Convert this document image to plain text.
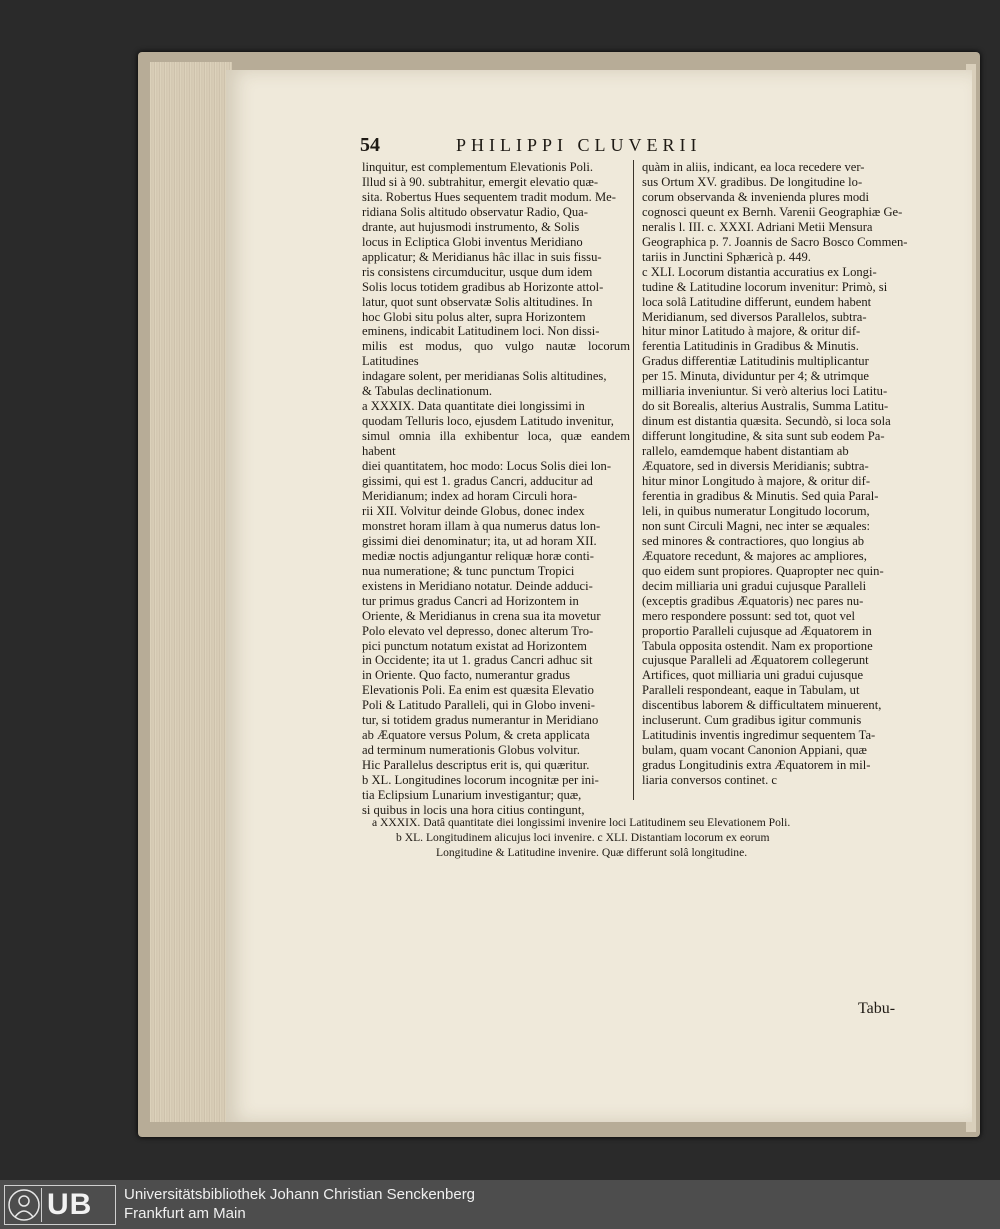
54	PHILIPPI CLUVERII

linquitur, est complementum Elevationis Poli.

Illud si à 90. subtrahitur, emergit elevatio quæ-

sita. Robertus Hues sequentem tradit modum. Me-

ridiana Solis altitudo observatur Radio, Qua-

drante, aut hujusmodi instrumento, & Solis

locus in Ecliptica Globi inventus Meridiano

applicatur; & Meridianus hâc illac in suis fissu-

ris consistens circumducitur, usque dum idem

Solis locus totidem gradibus ab Horizonte attol-

latur, quot sunt observatæ Solis altitudines. In

hoc Globi situ polus alter, supra Horizontem

eminens, indicabit Latitudinem loci. Non dissi-

milis est modus, quo vulgo nautæ locorum Latitudines

indagare solent, per meridianas Solis altitudines,

& Tabulas declinationum.

a XXXIX. Data quantitate diei longissimi in

quodam Telluris loco, ejusdem Latitudo invenitur,

simul omnia illa exhibentur loca, quæ eandem habent

diei quantitatem, hoc modo: Locus Solis diei lon-

gissimi, qui est 1. gradus Cancri, adducitur ad

Meridianum; index ad horam Circuli hora-

rii XII. Volvitur deinde Globus, donec index

monstret horam illam à qua numerus datus lon-

gissimi diei denominatur; ita, ut ad horam XII.

mediæ noctis adjungantur reliquæ horæ conti-

nua numeratione; & tunc punctum Tropici

existens in Meridiano notatur. Deinde adduci-

tur primus gradus Cancri ad Horizontem in

Oriente, & Meridianus in crena sua ita movetur

Polo elevato vel depresso, donec alterum Tro-

pici punctum notatum existat ad Horizontem

in Occidente; ita ut 1. gradus Cancri adhuc sit

in Oriente. Quo facto, numerantur gradus

Elevationis Poli. Ea enim est quæsita Elevatio

Poli & Latitudo Paralleli, qui in Globo inveni-

tur, si totidem gradus numerantur in Meridiano

ab Æquatore versus Polum, & creta applicata

ad terminum numerationis Globus volvitur.

Hic Parallelus descriptus erit is, qui quæritur.

b XL. Longitudines locorum incognitæ per ini-

tia Eclipsium Lunarium investigantur; quæ,

si quibus in locis una hora citius contingunt,

quàm in aliis, indicant, ea loca recedere ver-

sus Ortum XV. gradibus. De longitudine lo-

corum observanda & invenienda plures modi

cognosci queunt ex Bernh. Varenii Geographiæ Ge-

neralis l. III. c. XXXI. Adriani Metii Mensura

Geographica p. 7. Joannis de Sacro Bosco Commen-

tariis in Junctini Sphæricà p. 449.

c XLI. Locorum distantia accuratius ex Longi-

tudine & Latitudine locorum invenitur: Primò, si

loca solâ Latitudine differunt, eundem habent

Meridianum, sed diversos Parallelos, subtra-

hitur minor Latitudo à majore, & oritur dif-

ferentia Latitudinis in Gradibus & Minutis.

Gradus differentiæ Latitudinis multiplicantur

per 15. Minuta, dividuntur per 4; & utrimque

milliaria inveniuntur. Si verò alterius loci Latitu-

do sit Borealis, alterius Australis, Summa Latitu-

dinum est distantia quæsita. Secundò, si loca sola

differunt longitudine, & sita sunt sub eodem Pa-

rallelo, eamdemque habent distantiam ab

Æquatore, sed in diversis Meridianis; subtra-

hitur minor Longitudo à majore, & oritur dif-

ferentia in gradibus & Minutis. Sed quia Paral-

leli, in quibus numeratur Longitudo locorum,

non sunt Circuli Magni, nec inter se æquales:

sed minores & contractiores, quo longius ab

Æquatore recedunt, & majores ac ampliores,

quo eidem sunt propiores. Quapropter nec quin-

decim milliaria uni gradui cujusque Paralleli

(exceptis gradibus Æquatoris) nec pares nu-

mero respondere possunt: sed tot, quot vel

proportio Paralleli cujusque ad Æquatorem in

Tabula opposita ostendit. Nam ex proportione

cujusque Paralleli ad Æquatorem collegerunt

Artifices, quot milliaria uni gradui cujusque

Paralleli respondeant, eaque in Tabulam, ut

discentibus laborem & difficultatem minuerent,

incluserunt. Cum gradibus igitur communis

Latitudinis inventis ingredimur sequentem Ta-

bulam, quam vocant Canonion Appiani, quæ

gradus Longitudinis extra Æquatorem in mil-

liaria conversos continet. c

a XXXIX. Datâ quantitate diei longissimi invenire loci Latitudinem seu Elevationem Poli.
b XL. Longitudinem alicujus loci invenire. c XLI. Distantiam locorum ex eorum
Longitudine & Latitudine invenire. Quæ differunt solâ longitudine.
Tabu-
UB Universitätsbibliothek Johann Christian Senckenberg
Frankfurt am Main
